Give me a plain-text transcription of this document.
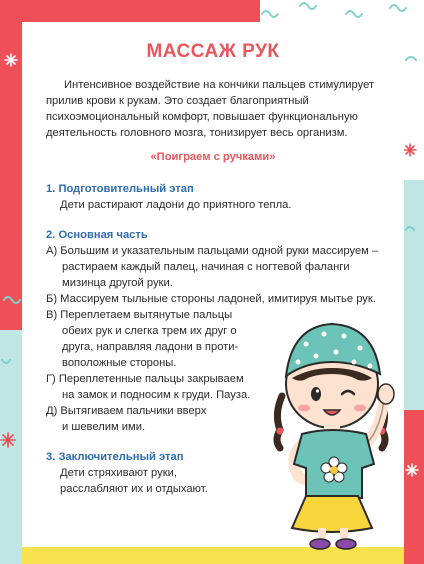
МАССАЖ РУК
Интенсивное воздействие на кончики пальцев стимулирует прилив крови к рукам. Это создает благоприятный психоэмоциональный комфорт, повышает функциональную деятельность головного мозга, тонизирует весь организм.
«Поиграем с ручками»
1. Подготовительный этап
Дети растирают ладони до приятного тепла.
2. Основная часть
А) Большим и указательным пальцами одной руки массируем –
растираем каждый палец, начиная с ногтевой фаланги
мизинца другой руки.
Б) Массируем тыльные стороны ладоней, имитируя мытье рук.
В) Переплетаем вытянутые пальцы
обеих рук и слегка трем их друг о
друга, направляя ладони в проти-
воположные стороны.
Г) Переплетенные пальцы закрываем
на замок и подносим к груди. Пауза.
Д) Вытягиваем пальчики вверх
и шевелим ими.
3. Заключительный этап
Дети стряхивают руки,
расслабляют их и отдыхают.
